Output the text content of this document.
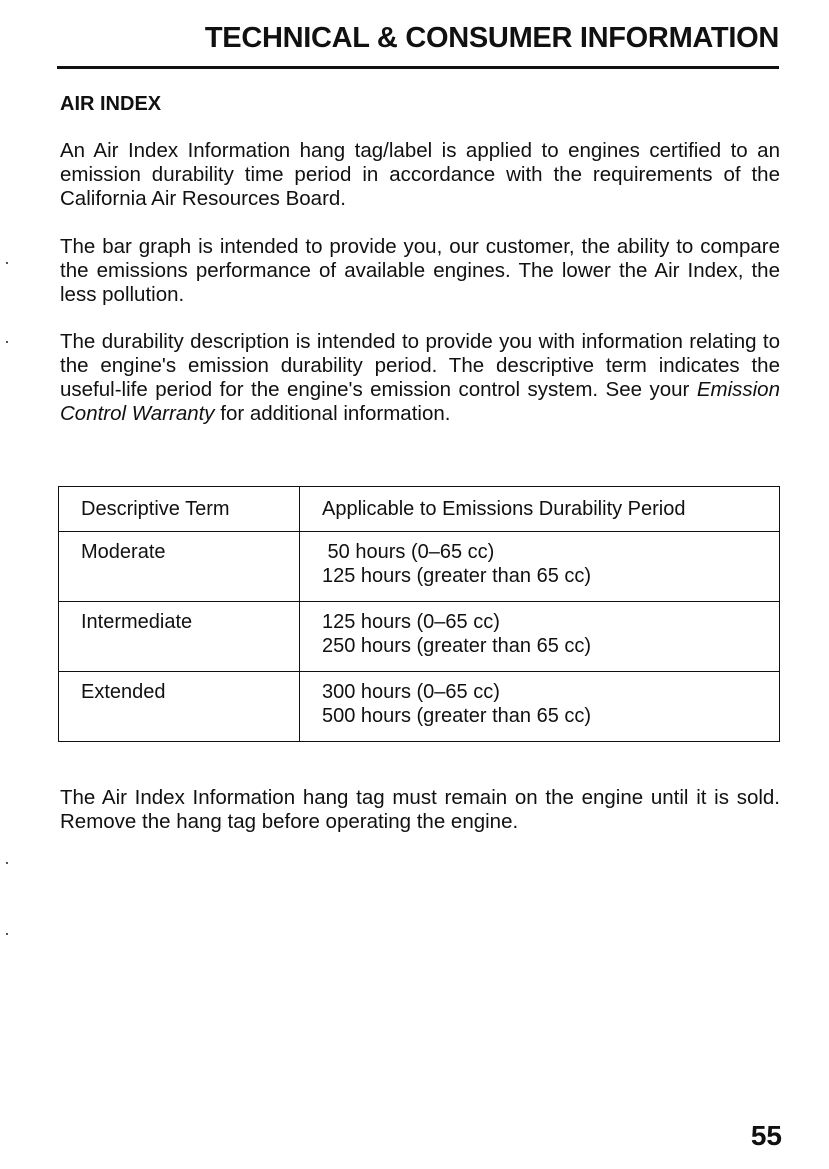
TECHNICAL & CONSUMER INFORMATION
AIR INDEX
An Air Index Information hang tag/label is applied to engines certified to an emission durability time period in accordance with the requirements of the California Air Resources Board.
The bar graph is intended to provide you, our customer, the ability to compare the emissions performance of available engines. The lower the Air Index, the less pollution.
The durability description is intended to provide you with information relating to the engine's emission durability period. The descriptive term indicates the useful-life period for the engine's emission control system. See your Emission Control Warranty for additional information.
Descriptive Term	Applicable to Emissions Durability Period
Moderate	50 hours (0–65 cc)
125 hours (greater than 65 cc)

Intermediate	125 hours (0–65 cc)
250 hours (greater than 65 cc)

Extended	300 hours (0–65 cc)
500 hours (greater than 65 cc)
The Air Index Information hang tag must remain on the engine until it is sold. Remove the hang tag before operating the engine.
55
